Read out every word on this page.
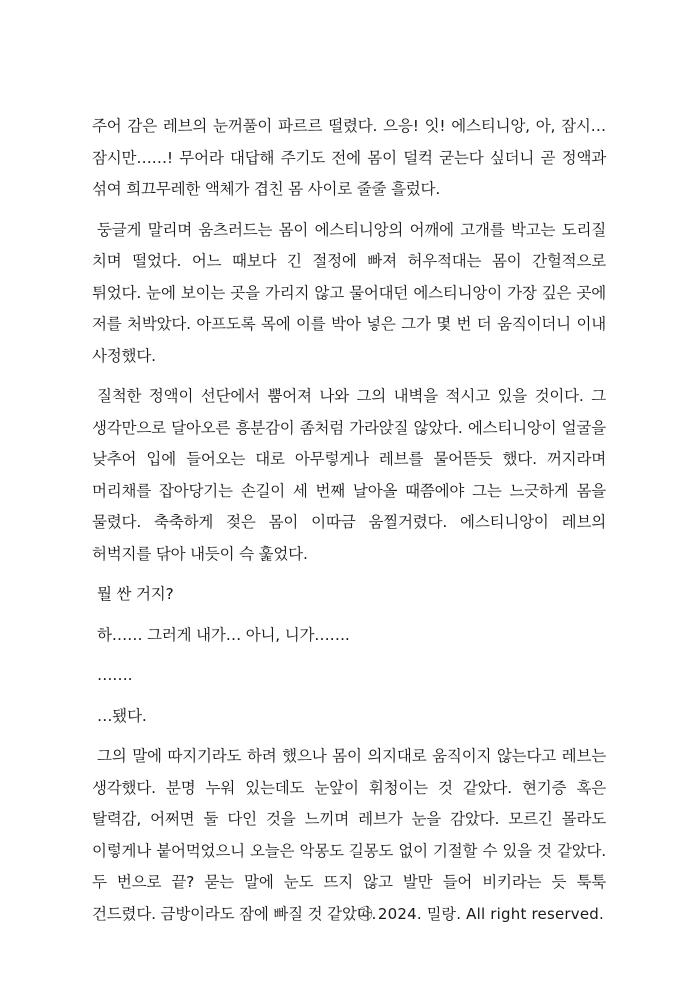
주어 감은 레브의 눈꺼풀이 파르르 떨렸다. 으응! 잇! 에스티니앙, 아, 잠시… 잠시만……! 무어라 대답해 주기도 전에 몸이 덜컥 굳는다 싶더니 곧 정액과 섞여 희끄무레한 액체가 겹친 몸 사이로 줄줄 흘렀다.

둥글게 말리며 움츠러드는 몸이 에스티니앙의 어깨에 고개를 박고는 도리질 치며 떨었다. 어느 때보다 긴 절정에 빠져 허우적대는 몸이 간헐적으로 튀었다. 눈에 보이는 곳을 가리지 않고 물어대던 에스티니앙이 가장 깊은 곳에 저를 처박았다. 아프도록 목에 이를 박아 넣은 그가 몇 번 더 움직이더니 이내 사정했다.

질척한 정액이 선단에서 뿜어져 나와 그의 내벽을 적시고 있을 것이다. 그 생각만으로 달아오른 흥분감이 좀처럼 가라앉질 않았다. 에스티니앙이 얼굴을 낮추어 입에 들어오는 대로 아무렇게나 레브를 물어뜯듯 했다. 꺼지라며 머리채를 잡아당기는 손길이 세 번째 날아올 때쯤에야 그는 느긋하게 몸을 물렸다. 축축하게 젖은 몸이 이따금 움찔거렸다. 에스티니앙이 레브의 허벅지를 닦아 내듯이 슥 훑었다.

뭘 싼 거지?

하…… 그러게 내가… 아니, 니가…….

…….

…됐다.

그의 말에 따지기라도 하려 했으나 몸이 의지대로 움직이지 않는다고 레브는 생각했다. 분명 누워 있는데도 눈앞이 휘청이는 것 같았다. 현기증 혹은 탈력감, 어쩌면 둘 다인 것을 느끼며 레브가 눈을 감았다. 모르긴 몰라도 이렇게나 붙어먹었으니 오늘은 악몽도 길몽도 없이 기절할 수 있을 것 같았다. 두 번으로 끝? 묻는 말에 눈도 뜨지 않고 발만 들어 비키라는 듯 툭툭 건드렸다. 금방이라도 잠에 빠질 것 같았다.

ⓒ 2024. 밀랑. All right reserved.
